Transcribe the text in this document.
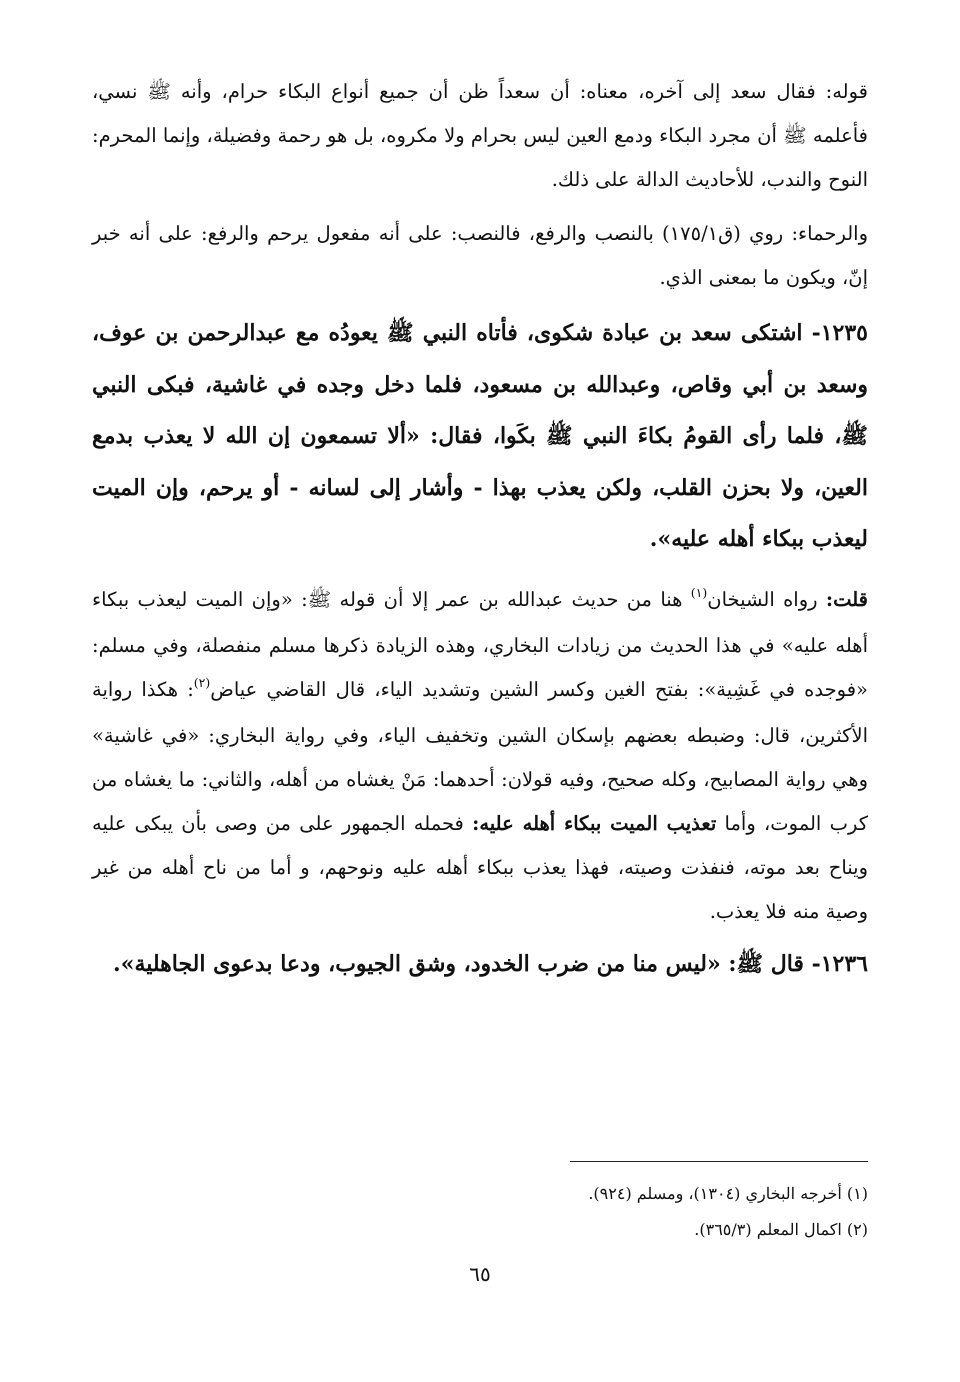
قوله: فقال سعد إلى آخره، معناه: أن سعداً ظن أن جميع أنواع البكاء حرام، وأنه ﷺ نسي، فأعلمه ﷺ أن مجرد البكاء ودمع العين ليس بحرام ولا مكروه، بل هو رحمة وفضيلة، وإنما المحرم: النوح والندب، للأحاديث الدالة على ذلك.

والرحماء: روي (ق١٧٥/١) بالنصب والرفع، فالنصب: على أنه مفعول يرحم والرفع: على أنه خبر إنّ، ويكون ما بمعنى الذي.

١٢٣٥- اشتكى سعد بن عبادة شكوى، فأتاه النبي ﷺ يعودُه مع عبدالرحمن بن عوف، وسعد بن أبي وقاص، وعبدالله بن مسعود، فلما دخل وجده في غاشية، فبكى النبي ﷺ، فلما رأى القومُ بكاءَ النبي ﷺ بكَوا، فقال: «ألا تسمعون إن الله لا يعذب بدمع العين، ولا بحزن القلب، ولكن يعذب بهذا - وأشار إلى لسانه - أو يرحم، وإن الميت ليعذب ببكاء أهله عليه».

قلت: رواه الشيخان$^{(١)}$ هنا من حديث عبدالله بن عمر إلا أن قوله ﷺ: «وإن الميت ليعذب ببكاء أهله عليه» في هذا الحديث من زيادات البخاري، وهذه الزيادة ذكرها مسلم منفصلة، وفي مسلم: «فوجده في غَشِية»: بفتح الغين وكسر الشين وتشديد الياء، قال القاضي عياض$^{(٢)}$: هكذا رواية الأكثرين، قال: وضبطه بعضهم بإسكان الشين وتخفيف الياء، وفي رواية البخاري: «في غاشية» وهي رواية المصابيح، وكله صحيح، وفيه قولان: أحدهما: مَنْ يغشاه من أهله، والثاني: ما يغشاه من كرب الموت، وأما تعذيب الميت ببكاء أهله عليه: فحمله الجمهور على من وصى بأن يبكى عليه ويناح بعد موته، فنفذت وصيته، فهذا يعذب ببكاء أهله عليه ونوحهم، و أما من ناح أهله من غير وصية منه فلا يعذب.

١٢٣٦- قال ﷺ: «ليس منا من ضرب الخدود، وشق الجيوب، ودعا بدعوى الجاهلية».

(١) أخرجه البخاري (١٣٠٤)، ومسلم (٩٢٤).

(٢) اكمال المعلم (٣٦٥/٣).

٦٥
